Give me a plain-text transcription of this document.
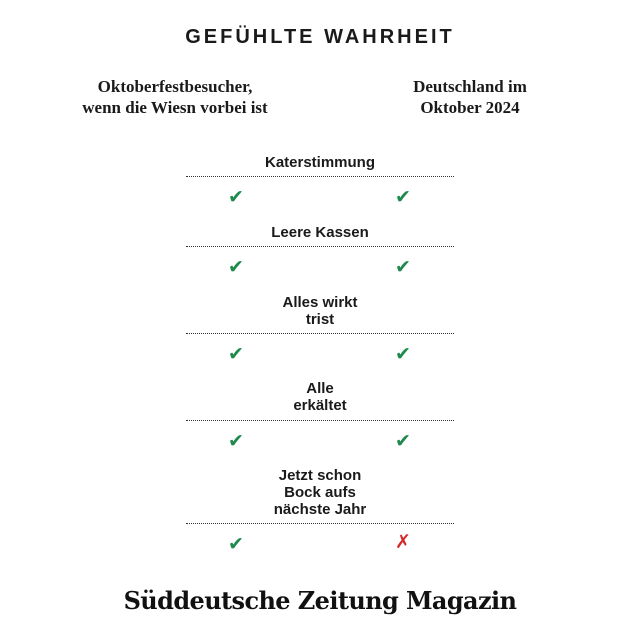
GEFÜHLTE WAHRHEIT
Oktoberfestbesucher,
wenn die Wiesn vorbei ist
Deutschland im
Oktober 2024
Katerstimmung
✔	✔
Leere Kassen
✔	✔
Alles wirkt
trist
✔	✔
Alle
erkältet
✔	✔
Jetzt schon
Bock aufs
nächste Jahr
✔	✗
Süddeutsche Zeitung Magazin
